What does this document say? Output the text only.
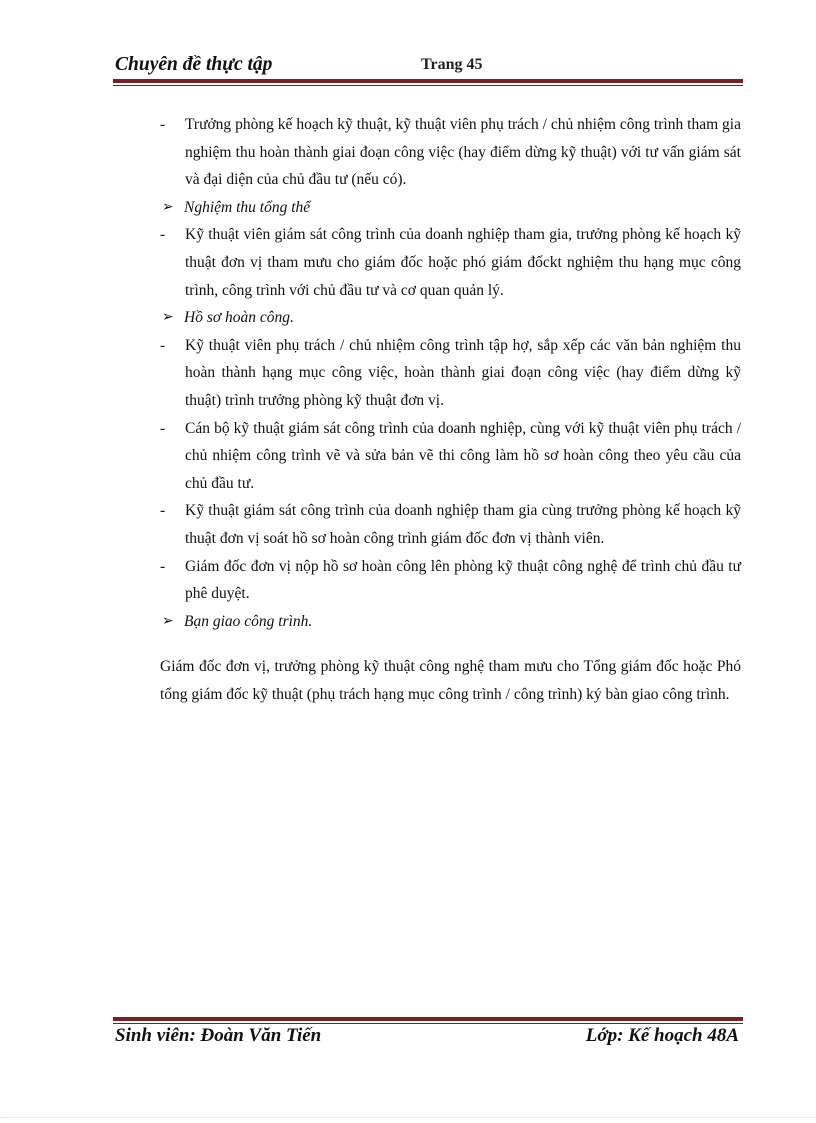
Chuyên đề thực tập	Trang 45
- Trưởng phòng kế hoạch kỹ thuật, kỹ thuật viên phụ trách / chủ nhiệm công trình tham gia nghiệm thu hoàn thành giai đoạn công việc (hay điểm dừng kỹ thuật) với tư vấn giám sát và đại diện của chủ đầu tư (nếu có).
➢ Nghiệm thu tổng thể
- Kỹ thuật viên giám sát công trình của doanh nghiệp tham gia, trưởng phòng kế hoạch kỹ thuật đơn vị tham mưu cho giám đốc hoặc phó giám đốckt nghiệm thu hạng mục công trình, công trình với chủ đầu tư và cơ quan quản lý.
➢ Hồ sơ hoàn công.
- Kỹ thuật viên phụ trách / chủ nhiệm công trình tập hợ, sắp xếp các văn bản nghiệm thu hoàn thành hạng mục công việc, hoàn thành giai đoạn công việc (hay điểm dừng kỹ thuật) trình trưởng phòng kỹ thuật đơn vị.
- Cán bộ kỹ thuật giám sát công trình của doanh nghiệp, cùng với kỹ thuật viên phụ trách / chủ nhiệm công trình vẽ và sửa bản vẽ thi công làm hồ sơ hoàn công theo yêu cầu của chủ đầu tư.
- Kỹ thuật giám sát công trình của doanh nghiệp tham gia cùng trưởng phòng kế hoạch kỹ thuật đơn vị soát hồ sơ hoàn công trình giám đốc đơn vị thành viên.
- Giám đốc đơn vị nộp hồ sơ hoàn công lên phòng kỹ thuật công nghệ để trình chủ đầu tư phê duyệt.
➢ Bạn giao công trình.

Giám đốc đơn vị, trưởng phòng kỹ thuật công nghệ tham mưu cho Tổng giám đốc hoặc Phó tổng giám đốc kỹ thuật (phụ trách hạng mục công trình / công trình) ký bàn giao công trình.

Sinh viên: Đoàn Văn Tiến	Lớp: Kế hoạch 48A
